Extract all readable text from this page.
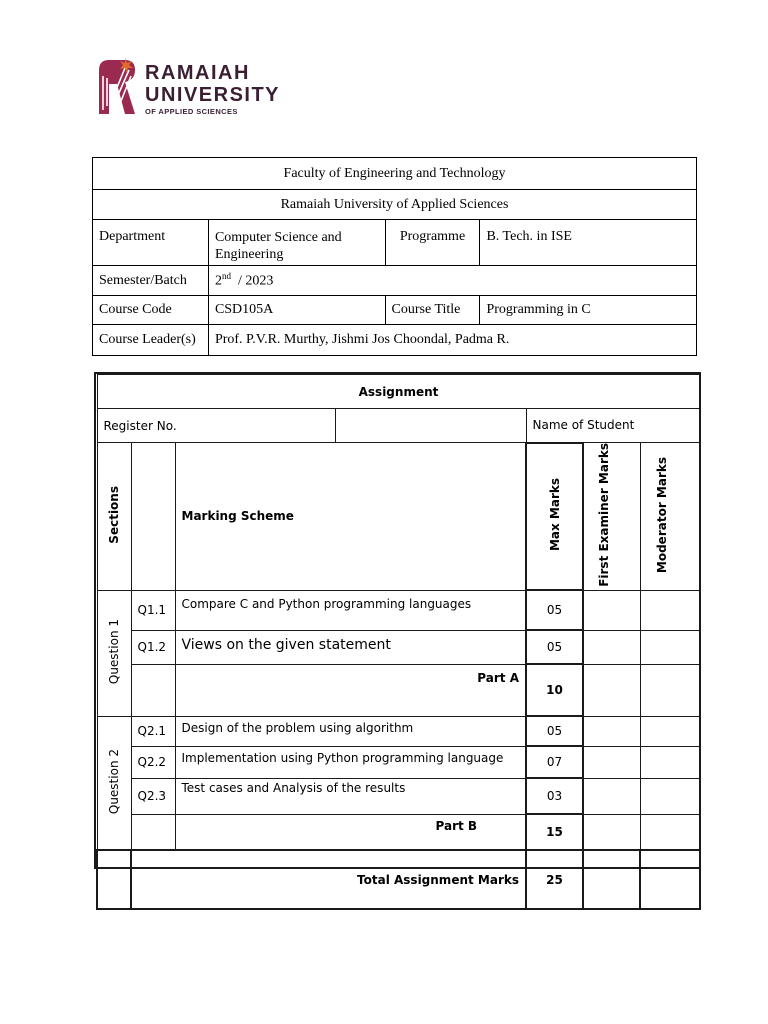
RAMAIAH
UNIVERSITY
OF APPLIED SCIENCES
Faculty of Engineering and Technology			
Ramaiah University of Applied Sciences			
Department	Computer Science and Engineering	Programme	B. Tech. in ISE
Semester/Batch	2nd  / 2023		
Course Code	CSD105A	Course Title	Programming in C
Course Leader(s)	Prof. P.V.R. Murthy, Jishmi Jos Choondal, Padma R.		
Assignment						
Register No.				Name of Student		
Sections		Marking Scheme		Max Marks	First Examiner Marks	Moderator Marks
Question 1	Q1.1	Compare C and Python programming languages		05		
	Q1.2	Views on the given statement		05		
		Part A		10		
Question 2	Q2.1	Design of the problem using algorithm		05		
	Q2.2	Implementation using Python programming language		07		
	Q2.3	Test cases and Analysis of the results		03		
		Part B		15		
	Total Assignment Marks			25		
